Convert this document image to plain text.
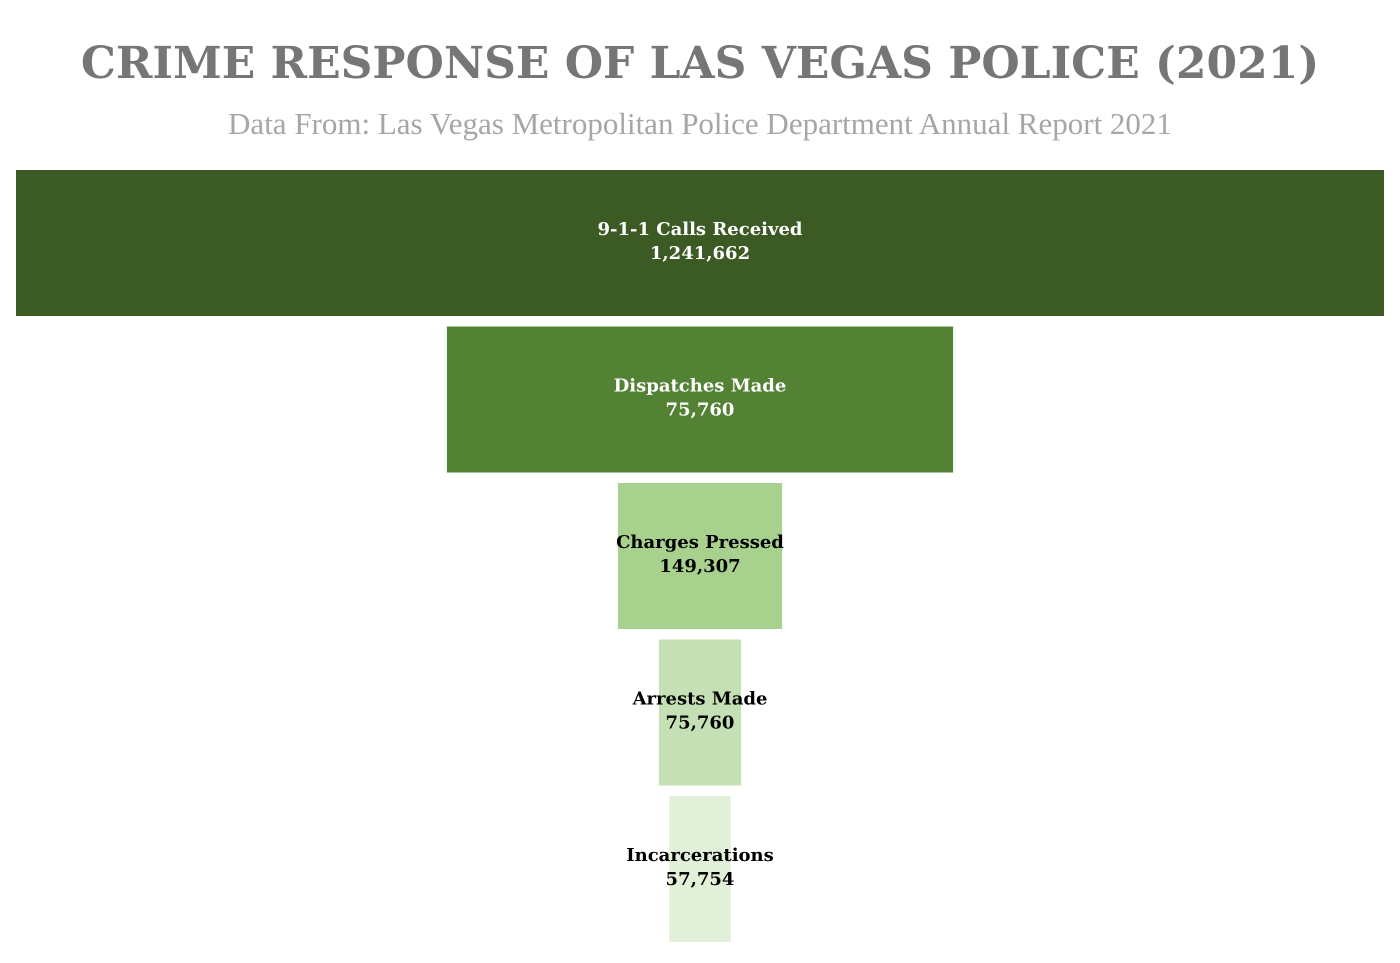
CRIME RESPONSE OF LAS VEGAS POLICE (2021)
Data From: Las Vegas Metropolitan Police Department Annual Report 2021
9-1-1 Calls Received
1,241,662
Dispatches Made
75,760
Charges Pressed
149,307
Arrests Made
75,760
Incarcerations
57,754
